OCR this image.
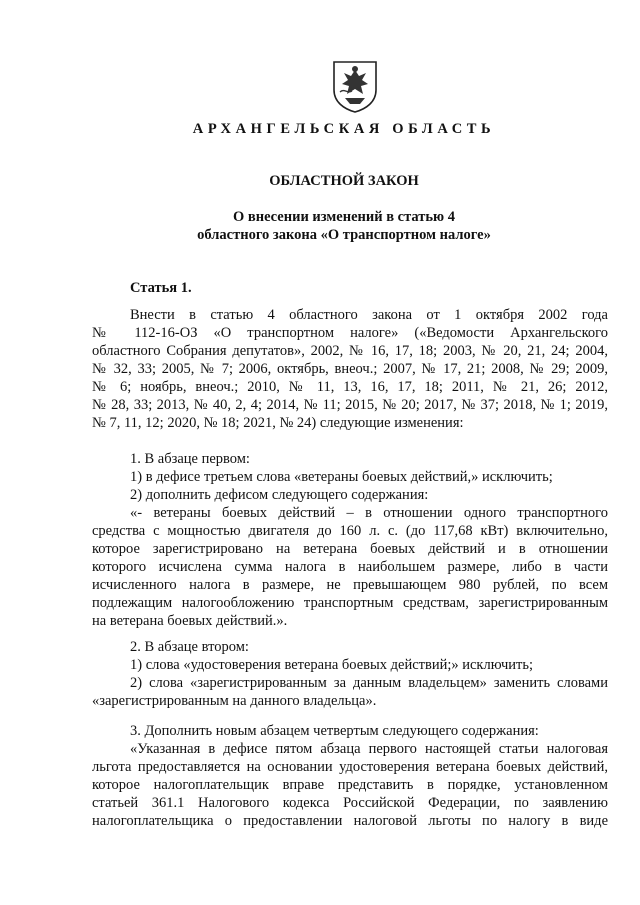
АРХАНГЕЛЬСКАЯ ОБЛАСТЬ
ОБЛАСТНОЙ ЗАКОН
О внесении изменений в статью 4
областного закона «О транспортном налоге»
Статья 1.
Внести в статью 4 областного закона от 1 октября 2002 года
№ 112-16-ОЗ «О транспортном налоге» («Ведомости Архангельского
областного Собрания депутатов», 2002, № 16, 17, 18; 2003, № 20, 21, 24; 2004,
№ 32, 33; 2005, № 7; 2006, октябрь, внеоч.; 2007, № 17, 21; 2008, № 29; 2009,
№ 6; ноябрь, внеоч.; 2010, № 11, 13, 16, 17, 18; 2011, № 21, 26; 2012,
№ 28, 33; 2013, № 40, 2, 4; 2014, № 11; 2015, № 20; 2017, № 37; 2018, № 1; 2019,
№ 7, 11, 12; 2020, № 18; 2021, № 24) следующие изменения:
1. В абзаце первом:
1) в дефисе третьем слова «ветераны боевых действий,» исключить;
2) дополнить дефисом следующего содержания:
«- ветераны боевых действий – в отношении одного транспортного
средства с мощностью двигателя до 160 л. с. (до 117,68 кВт) включительно,
которое зарегистрировано на ветерана боевых действий и в отношении
которого исчислена сумма налога в наибольшем размере, либо в части
исчисленного налога в размере, не превышающем 980 рублей, по всем
подлежащим налогообложению транспортным средствам, зарегистрированным
на ветерана боевых действий.».
2. В абзаце втором:
1) слова «удостоверения ветерана боевых действий;» исключить;
2) слова «зарегистрированным за данным владельцем» заменить словами
«зарегистрированным на данного владельца».
3. Дополнить новым абзацем четвертым следующего содержания:
«Указанная в дефисе пятом абзаца первого настоящей статьи налоговая
льгота предоставляется на основании удостоверения ветерана боевых действий,
которое налогоплательщик вправе представить в порядке, установленном
статьей 361.1 Налогового кодекса Российской Федерации, по заявлению
налогоплательщика о предоставлении налоговой льготы по налогу в виде
